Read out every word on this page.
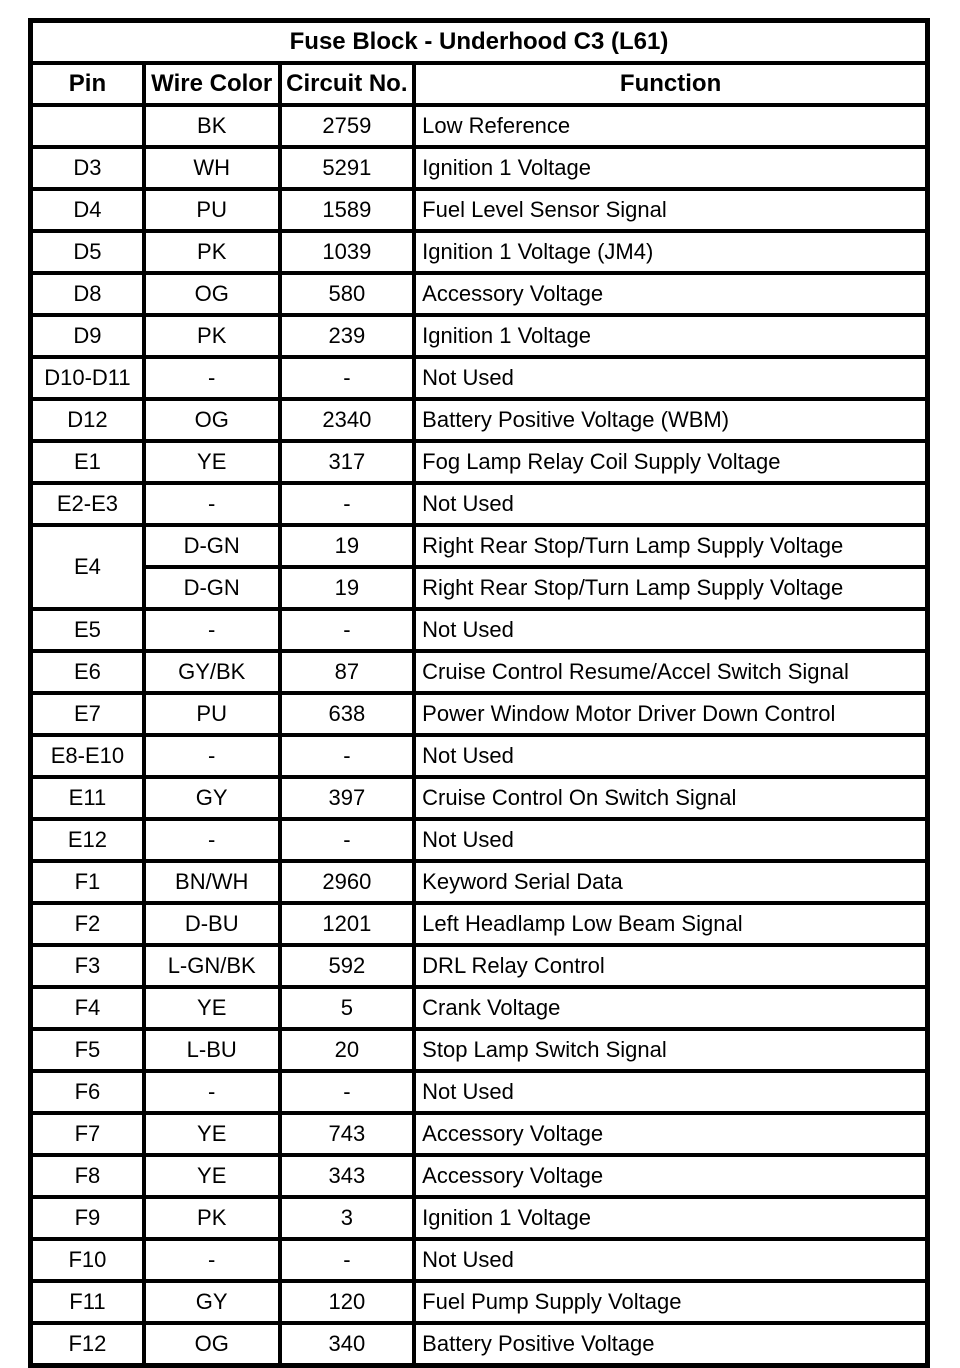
Fuse Block - Underhood C3 (L61)			
Pin	Wire Color	Circuit No.	Function
	BK	2759	Low Reference
D3	WH	5291	Ignition 1 Voltage
D4	PU	1589	Fuel Level Sensor Signal
D5	PK	1039	Ignition 1 Voltage (JM4)
D8	OG	580	Accessory Voltage
D9	PK	239	Ignition 1 Voltage
D10-D11	-	-	Not Used
D12	OG	2340	Battery Positive Voltage (WBM)
E1	YE	317	Fog Lamp Relay Coil Supply Voltage
E2-E3	-	-	Not Used
E4	D-GN	19	Right Rear Stop/Turn Lamp Supply Voltage
	D-GN	19	Right Rear Stop/Turn Lamp Supply Voltage
E5	-	-	Not Used
E6	GY/BK	87	Cruise Control Resume/Accel Switch Signal
E7	PU	638	Power Window Motor Driver Down Control
E8-E10	-	-	Not Used
E11	GY	397	Cruise Control On Switch Signal
E12	-	-	Not Used
F1	BN/WH	2960	Keyword Serial Data
F2	D-BU	1201	Left Headlamp Low Beam Signal
F3	L-GN/BK	592	DRL Relay Control
F4	YE	5	Crank Voltage
F5	L-BU	20	Stop Lamp Switch Signal
F6	-	-	Not Used
F7	YE	743	Accessory Voltage
F8	YE	343	Accessory Voltage
F9	PK	3	Ignition 1 Voltage
F10	-	-	Not Used
F11	GY	120	Fuel Pump Supply Voltage
F12	OG	340	Battery Positive Voltage
